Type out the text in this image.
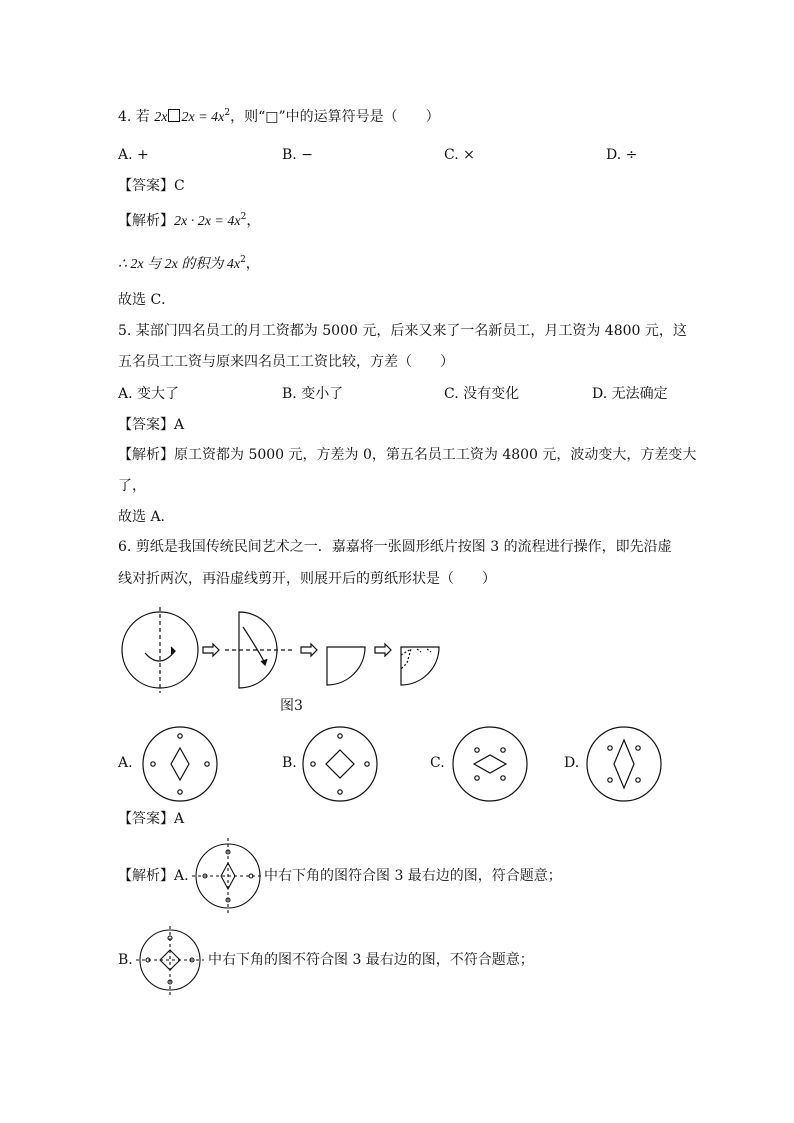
4. 若 2x $2x = 4x^2$，则“□”中的运算符号是（　　）
A. +	B. −	C. ×	D. ÷
【答案】C
【解析】$2x \cdot 2x = 4x^2$，
∴ 2x 与 2x 的积为 $4x^2$，
故选 C．
5. 某部门四名员工的月工资都为 5000 元，后来又来了一名新员工，月工资为 4800 元，这
五名员工工资与原来四名员工工资比较，方差（　　）
A. 变大了	B. 变小了	C. 没有变化	D. 无法确定
【答案】A
【解析】原工资都为 5000 元，方差为 0，第五名员工工资为 4800 元，波动变大，方差变大
了，
故选 A．
6. 剪纸是我国传统民间艺术之一．嘉嘉将一张圆形纸片按图 3 的流程进行操作，即先沿虚
线对折两次，再沿虚线剪开，则展开后的剪纸形状是（　　）
图3
A.	B.	C.	D.
【答案】A
【解析】A.	中右下角的图符合图 3 最右边的图，符合题意；
B.	中右下角的图不符合图 3 最右边的图，不符合题意；
